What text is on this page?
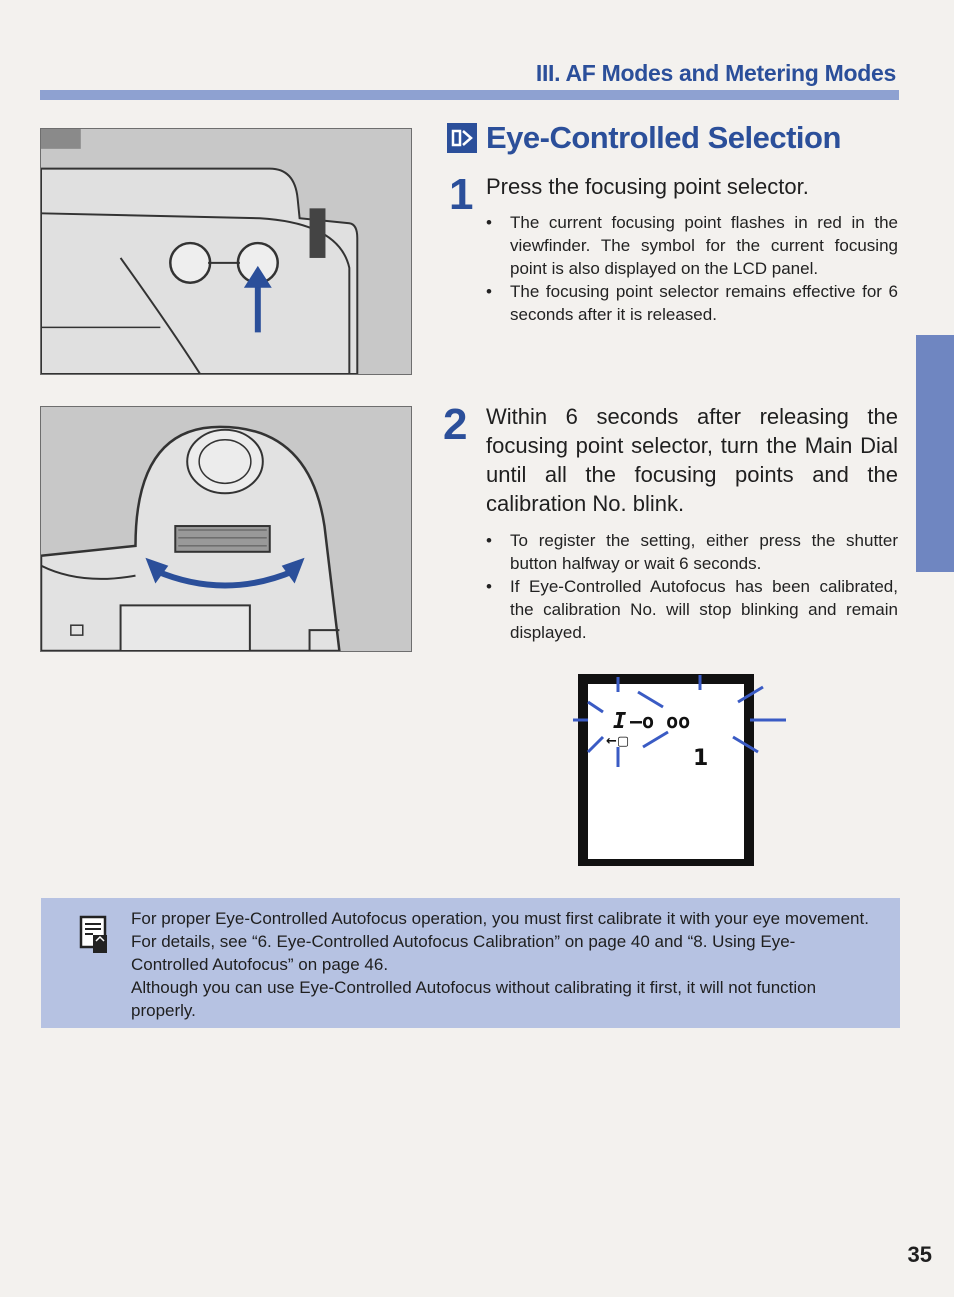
III. AF Modes and Metering Modes
Eye-Controlled Selection
1 Press the focusing point selector.
• The current focusing point flashes in red in the viewfinder. The symbol for the current focusing point is also displayed on the LCD panel.
• The focusing point selector remains effective for 6 seconds after it is released.
2 Within 6 seconds after releasing the focusing point selector, turn the Main Dial until all the focusing points and the calibration No. blink.
• To register the setting, either press the shutter button halfway or wait 6 seconds.
• If Eye-Controlled Autofocus has been calibrated, the calibration No. will stop blinking and remain displayed.
I —o oo
←▢
1

For proper Eye-Controlled Autofocus operation, you must first calibrate it with your eye movement. For details, see “6. Eye-Controlled Autofocus Calibration” on page 40 and “8. Using Eye-Controlled Autofocus” on page 46.

Although you can use Eye-Controlled Autofocus without calibrating it first, it will not function properly.

35
